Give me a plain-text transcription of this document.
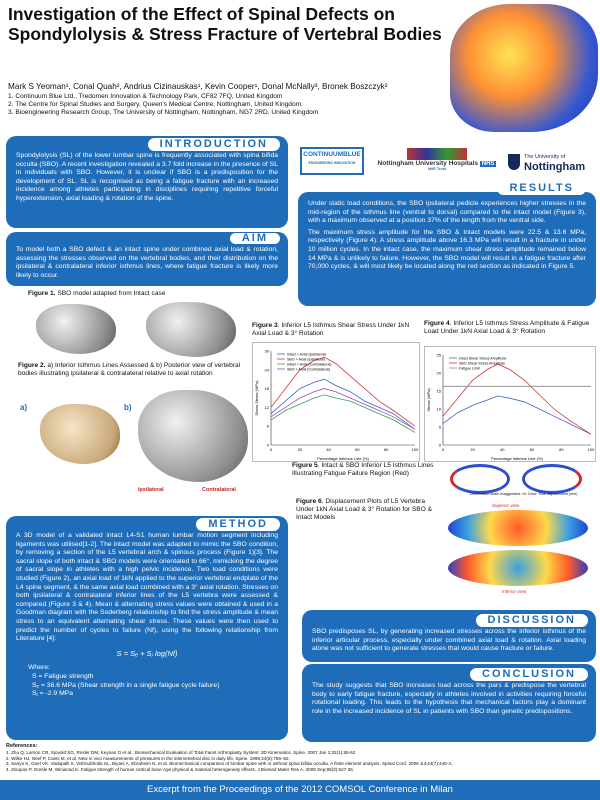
Investigation of the Effect of Spinal Defects on Spondylolysis & Stress Fracture of Vertebral Bodies
Mark S Yeoman¹, Conal Quah², Andrius Cizinauskas¹, Kevin Cooper¹, Donal McNally³, Bronek Boszczyk²
1. Continuum Blue Ltd., Tredomen Innovation & Technology Park, CF82 7FQ, United Kingdom
2. The Centre for Spinal Studies and Surgery, Queen's Medical Centre, Nottingham, United Kingdom.
3. Bioengineering Research Group, The University of Nottingham, Nottingham, NG7 2RD, United Kingdom
CONTINUUMBLUE
ENGINEERING INNOVATION	Nottingham University Hospitals NHS
NHS Trust
The University of
Nottingham
INTRODUCTION
Spondylolysis (SL) of the lower lumbar spine is frequently associated with spina bifida occulta (SBO). A recent investigation revealed a 3.7 fold increase in the presence of SL in individuals with SBO. However, it is unclear if SBO is a predisposition for the development of SL. SL is recognised as being a fatigue fracture with an increased incidence among athletes participating in disciplines requiring repetitive forceful hyperextension, axial loading & rotation of the spine.
AIM
To model both a SBO defect & an intact spine under combined axial load & rotation, assessing the stresses observed on the vertebral bodies, and their distribution on the ipsilateral & contralateral inferior isthmus lines, where fatigue fracture is likely more likely to occur.
Figure 1. SBO model adapted from Intact case
Figure 2. a) Inferior Isthmus Lines Assessed & b) Posterior view of vertebral bodies illustrating ipsilateral & contralateral relative to axial rotation
a)	b)
Ipsilateral	Contralateral
RESULTS
Under static load conditions, the SBO ipsilateral pedicle experiences higher stresses in the mid-region of the isthmus line (ventral to dorsal) compared to the intact model (Figure 3), with a maximum observed at a position 37% of the length from the ventral side.
The maximum stress amplitude for the SBO & Intact models were 22.5 & 13.6 MPa, respectively (Figure 4). A stress amplitude above 16.3 MPa will result in a fracture in under 10 million cycles. In the intact case, the maximum shear stress amplitude remained below 14 MPa & is unlikely to failure. However, the SBO model will result in a fatigue fracture after 70,000 cycles, & will most likely be located along the red section as indicated in Figure 5.
Figure 3. Inferior L5 Isthmus Shear Stress Under 1kN Axial Load & 3° Rotation
0
6
12
18
24
30
0	20	40	60	80	100
Percentage Isthmus Line (%)
Shear Stress (MPa)
Intact + Axial (Ipsilateral)
SBO + Axial (Ipsilateral)
Intact + Axial (Contralateral)
SBO + Axial (Contralateral)
Figure 4. Inferior L5 Isthmus Stress Amplitude & Fatigue Load Under 1kN Axial Load & 3° Rotation
0
5
10
15
20
25
0	20	40	60	80	100
Percentage Isthmus Line (%)
Stress (MPa)
Intact Shear Stress Amplitude
SBO Shear Stress Amplitude
Fatigue Limit
Figure 5. Intact & SBO Inferior L5 Isthmus Lines Illustrating Fatigue Failure Region (Red)
Figure 6. Displacement Plots of L5 Vertebra Under 1kN Axial Load & 3° Rotation for SBO & Intact Models
Deformation scale exaggerated: x3; Color: Total displacement (mm)
Superior view
Inferior view
METHOD
A 3D model of a validated intact L4-S1 human lumbar motion segment including ligaments was utilised[1-2]. The intact model was adapted to mimic the SBO condition, by removing a section of the L5 vertebral arch & spinous process (Figure 1)[3]. The sacral slope of both intact & SBO models were orientated to 66°, mimicking the degree of sacral slope in athletes with a high pelvic incidence. Two load conditions were studied (Figure 2), an axial load of 1kN applied to the superior vertebral endplate of the L4 spine segment, & the same axial load combined with a 3° axial rotation. Stresses on both ipsilateral & contralateral inferior lines of the L5 vertebra were assessed & compared (Figure 3 & 4). Mean & alternating stress values were obtained & used in a Goodman diagram with the Soderberg relationship to find the stress amplitude & mean stress to an equivalent alternating shear stress. These values were then used to predict the number of cycles to failure (Nf), using the following relationship from Literature [4]:
S = Sₑ + Sⱼ log(Nf)
Where:
S = Fatigue strength
Sₑ = 36.6 MPa (Shear strength in a single fatigue cycle failure)
Sⱼ = -2.9 MPa
DISCUSSION
SBO predisposes SL, by generating increased stresses across the inferior isthmus of the inferior articular process, especially under combined axial load & rotation. Axial loading alone was not sufficient to generate stresses that would cause fracture or failure.
CONCLUSION
The study suggests that SBO increases load across the pars & predispose the vertebral body to early fatigue fracture, especially in athletes involved in activities requiring forceful rotational loading. This leads to the hypothesis that mechanical factors play a dominant role in the increased incidence of SL in patients with SBO than genetic predispositions.
References:
1. Zhu Q, Larson CR, Sjovold SG, Rosler DM, Keynan O et al.. Biomechanical Evaluation of Total Facet Arthroplasty System: 3D Kinematics. Spine. 2007 Jan 1;32(1):55-62
2. Wilke HJ, Neef P, Caimi M, et al. New in vivo measurements of pressures in the intervertebral disc in daily life. Spine. 1999;24(8):755–62.
3. Sairyo K, Goel VK, Vadapalli S, Vishnubhotla SL, Biyani A, Ebraheim N, et al. Biomechanical comparison of lumbar spine with or without spina bifida occulta. A finite element analysis. Spinal Cord. 2006 Jul;44(7):440-4..
4. Zioupos P, Gresle M, Winwood K. Fatigue strength of human cortical bone:Age physical & material heterogeneity effects. J Biomed Mater Res A. 2008 Sep;86(3):627-36.
Excerpt from the Proceedings of the 2012 COMSOL Conference in Milan
